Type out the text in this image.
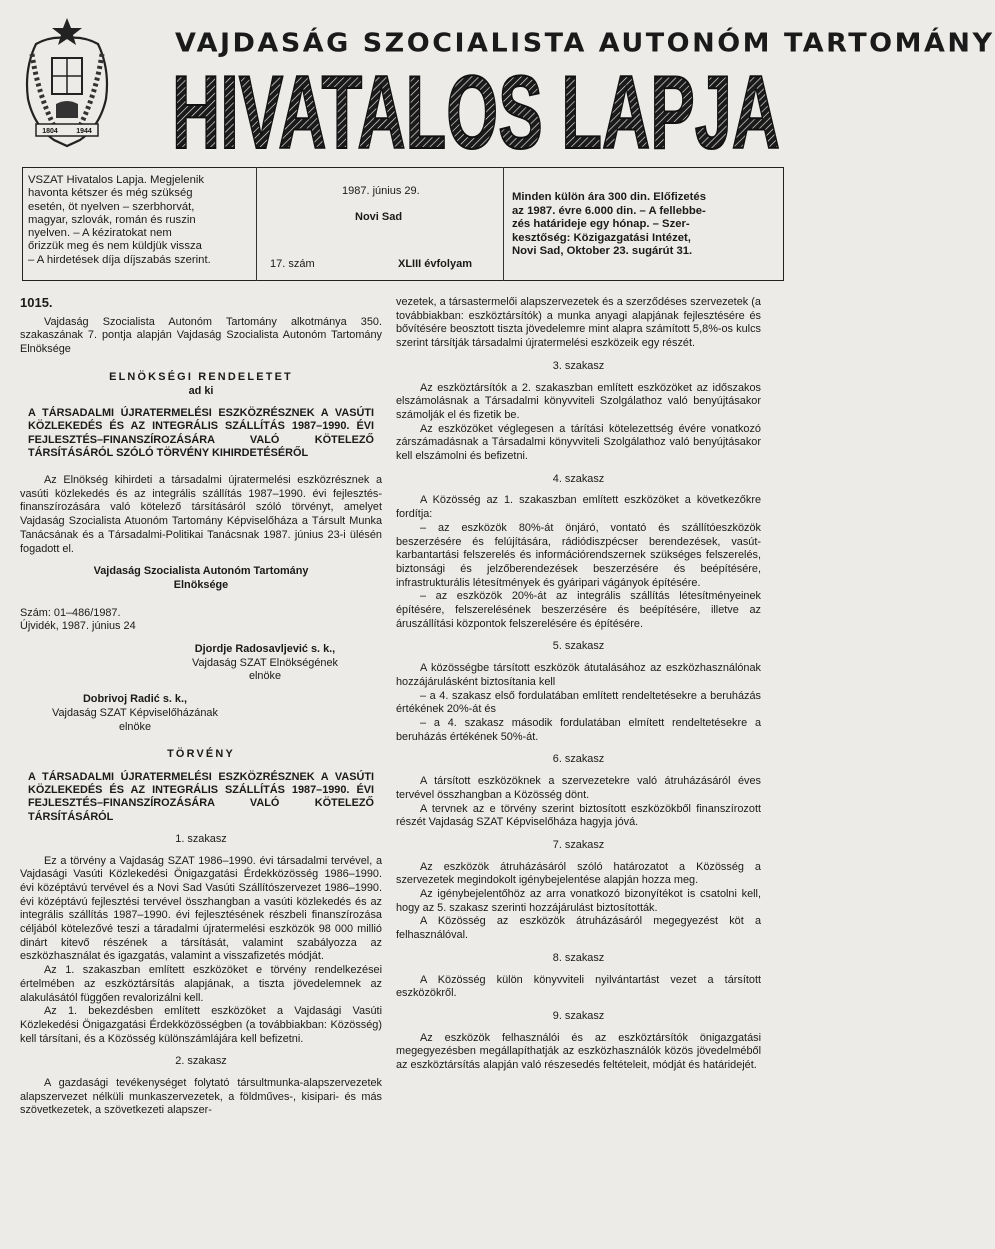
1804	1944
VAJDASÁG SZOCIALISTA AUTONÓM TARTOMÁNY
HIVATALOS LAPJA
VSZAT Hivatalos Lapja. Megjelenik
havonta kétszer és még szükség
esetén, öt nyelven – szerbhorvát,
magyar, szlovák, román és ruszin
nyelven. – A kéziratokat nem
őrizzük meg és nem küldjük vissza
– A hirdetések díja díjszabás szerint.
1987. június 29.
Novi Sad
17. szám	XLIII évfolyam
Minden külön ára 300 din. Előfizetés
az 1987. évre 6.000 din. – A fellebbe-
zés határideje egy hónap. – Szer-
kesztőség: Közigazgatási Intézet,
Novi Sad, Oktober 23. sugárút 31.

1015.

Vajdaság Szocialista Autonóm Tartomány alkotmánya 350. szakaszának 7. pontja alapján Vajdaság Szocialista Autonóm Tartomány Elnöksége

ELNÖKSÉGI RENDELETET

ad ki

A TÁRSADALMI ÚJRATERMELÉSI ESZKÖZRÉSZNEK A VASÚTI KÖZLEKEDÉS ÉS AZ INTEGRÁLIS SZÁLLÍTÁS 1987–1990. ÉVI FEJLESZTÉS–FINANSZÍROZÁSÁRA VALÓ KÖTELEZŐ TÁRSÍTÁSÁRÓL SZÓLÓ TÖRVÉNY KIHIRDETÉSÉRŐL

Az Elnökség kihirdeti a társadalmi újratermelési eszközrésznek a vasúti közlekedés és az integrális szállítás 1987–1990. évi fejlesztés-finanszírozására való kötelező társításáról szóló törvényt, amelyet Vajdaság Szocialista Atuonóm Tartomány Képviselőháza a Társult Munka Tanácsának és a Társadalmi-Politikai Tanácsnak 1987. június 23-i ülésén fogadott el.

Vajdaság Szocialista Autonóm Tartomány Elnöksége

Szám: 01–486/1987.

Újvidék, 1987. június 24

Djordje Radosavljević s. k.,

Vajdaság SZAT Elnökségének

elnöke

Dobrivoj Radić s. k.,

Vajdaság SZAT Képviselőházának

elnöke

TÖRVÉNY

A TÁRSADALMI ÚJRATERMELÉSI ESZKÖZRÉSZNEK A VASÚTI KÖZLEKEDÉS ÉS AZ INTEGRÁLIS SZÁLLÍTÁS 1987–1990. ÉVI FEJLESZTÉS–FINANSZÍROZÁSÁRA VALÓ KÖTELEZŐ TÁRSÍTÁSÁRÓL

1. szakasz

Ez a törvény a Vajdaság SZAT 1986–1990. évi társadalmi tervével, a Vajdasági Vasúti Közlekedési Önigazgatási Érdekközösség 1986–1990. évi középtávú tervével és a Novi Sad Vasúti Szállítószervezet 1986–1990. évi középtávú fejlesztési tervével összhangban a vasúti közlekedés és az integrális szállítás 1987–1990. évi fejlesztésének részbeli finanszírozása céljából kötelezővé teszi a táradalmi újratermelési eszközök 98 000 millió dinárt kitevő részének a társítását, valamint szabályozza az eszközhasználat és igazgatás, valamint a visszafizetés módját.

Az 1. szakaszban említett eszközöket e törvény rendelkezései értelmében az eszköztársítás alapjának, a tiszta jövedelemnek az alakulásától függően revalorizálni kell.

Az 1. bekezdésben említett eszközöket a Vajdasági Vasúti Közlekedési Önigazgatási Érdekközösségben (a továbbiakban: Közösség) kell társítani, és a Közösség különszámlájára kell befizetni.

2. szakasz

A gazdasági tevékenységet folytató társultmunka-alapszervezetek alapszervezet nélküli munkaszervezetek, a földműves-, kisipari- és más szövetkezetek, a szövetkezeti alapszer-

vezetek, a társastermelői alapszervezetek és a szerződéses szervezetek (a továbbiakban: eszköztársítók) a munka anyagi alapjának fejlesztésére és bővítésére beosztott tiszta jövedelemre mint alapra számított 5,8%-os kulcs szerint társítják társadalmi újratermelési eszközeik egy részét.

3. szakasz

Az eszköztársítók a 2. szakaszban említett eszközöket az időszakos elszámolásnak a Társadalmi könyvviteli Szolgálathoz való benyújtásakor számolják el és fizetik be.

Az eszközöket véglegesen a tárítási kötelezettség évére vonatkozó zárszámadásnak a Társadalmi könyvviteli Szolgálathoz való benyújtásakor kell elszámolni és befizetni.

4. szakasz

A Közösség az 1. szakaszban említett eszközöket a következőkre fordítja:

– az eszközök 80%-át önjáró, vontató és szállítóeszközök beszerzésére és felújítására, rádiódiszpécser berendezések, vasút-karbantartási felszerelés és információrendszernek szükséges felszerelés, biztonsági és jelzőberendezések beszerzésére és beépítésére, infrastrukturális létesítmények és gyáripari vágányok építésére.

– az eszközök 20%-át az integrális szállítás létesítményeinek építésére, felszerelésének beszerzésére és beépítésére, illetve az áruszállítási központok felszerelésére és építésére.

5. szakasz

A közösségbe társított eszközök átutalásához az eszközhasználónak hozzájárulásként biztosítania kell

– a 4. szakasz első fordulatában említett rendeltetésekre a beruházás értékének 20%-át és

– a 4. szakasz második fordulatában elmített rendeltetésekre a beruházás értékének 50%-át.

6. szakasz

A társított eszközöknek a szervezetekre való átruházásáról éves tervével összhangban a Közösség dönt.

A tervnek az e törvény szerint biztosított eszközökből finanszírozott részét Vajdaság SZAT Képviselőháza hagyja jóvá.

7. szakasz

Az eszközök átruházásáról szóló határozatot a Közösség a szervezetek megindokolt igénybejelentése alapján hozza meg.

Az igénybejelentőhöz az arra vonatkozó bizonyítékot is csatolni kell, hogy az 5. szakasz szerinti hozzájárulást biztosították.

A Közösség az eszközök átruházásáról megegyezést köt a felhasználóval.

8. szakasz

A Közösség külön könyvviteli nyilvántartást vezet a társított eszközökről.

9. szakasz

Az eszközök felhasználói és az eszköztársítók önigazgatási megegyezésben megállapíthatják az eszközhasználók közös jövedelméből az eszköztársítás alapján való részesedés feltételeit, módját és határidejét.
